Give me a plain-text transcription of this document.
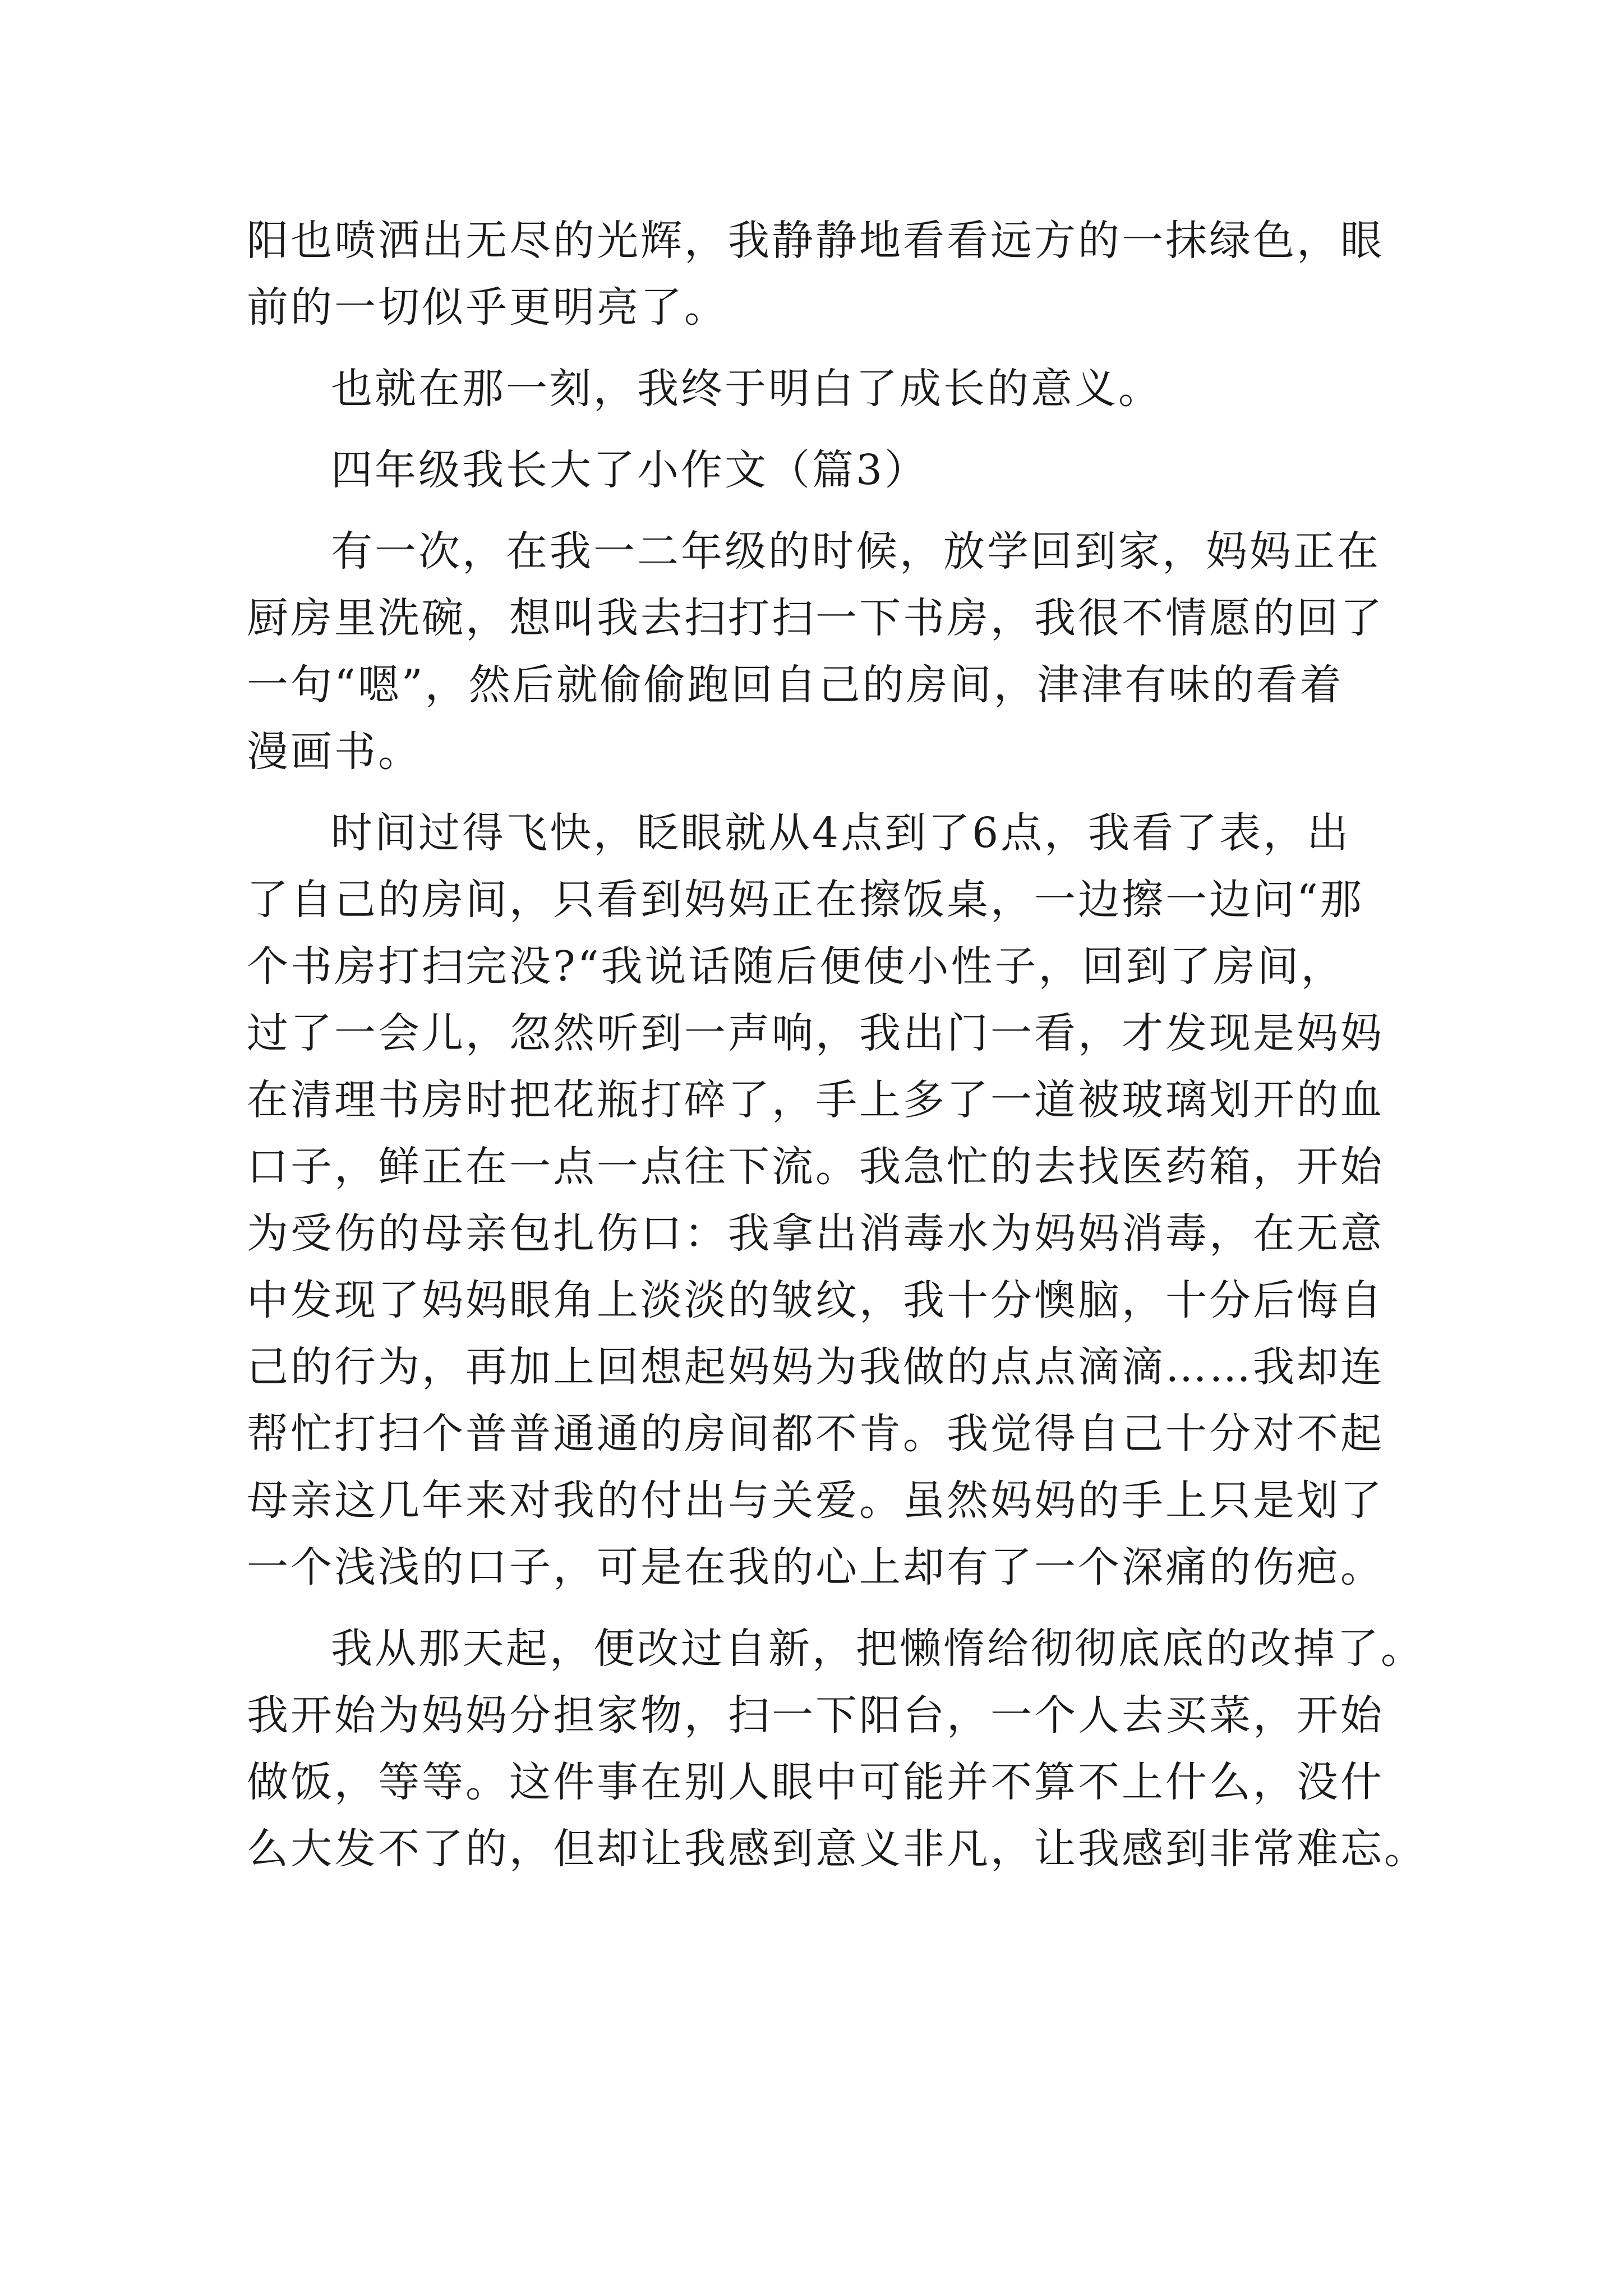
阳也喷洒出无尽的光辉，我静静地看看远方的一抹绿色，眼
前的一切似乎更明亮了。
也就在那一刻，我终于明白了成长的意义。
四年级我长大了小作文（篇3）
有一次，在我一二年级的时候，放学回到家，妈妈正在
厨房里洗碗，想叫我去扫打扫一下书房，我很不情愿的回了
一句“嗯”，然后就偷偷跑回自己的房间，津津有味的看着
漫画书。
时间过得飞快，眨眼就从4点到了6点，我看了表，出
了自己的房间，只看到妈妈正在擦饭桌，一边擦一边问“那
个书房打扫完没?“我说话随后便使小性子，回到了房间，
过了一会儿，忽然听到一声响，我出门一看，才发现是妈妈
在清理书房时把花瓶打碎了，手上多了一道被玻璃划开的血
口子，鲜正在一点一点往下流。我急忙的去找医药箱，开始
为受伤的母亲包扎伤口：我拿出消毒水为妈妈消毒，在无意
中发现了妈妈眼角上淡淡的皱纹，我十分懊脑，十分后悔自
己的行为，再加上回想起妈妈为我做的点点滴滴……我却连
帮忙打扫个普普通通的房间都不肯。我觉得自己十分对不起
母亲这几年来对我的付出与关爱。虽然妈妈的手上只是划了
一个浅浅的口子，可是在我的心上却有了一个深痛的伤疤。
我从那天起，便改过自新，把懒惰给彻彻底底的改掉了。
我开始为妈妈分担家物，扫一下阳台，一个人去买菜，开始
做饭，等等。这件事在别人眼中可能并不算不上什么，没什
么大发不了的，但却让我感到意义非凡，让我感到非常难忘。
